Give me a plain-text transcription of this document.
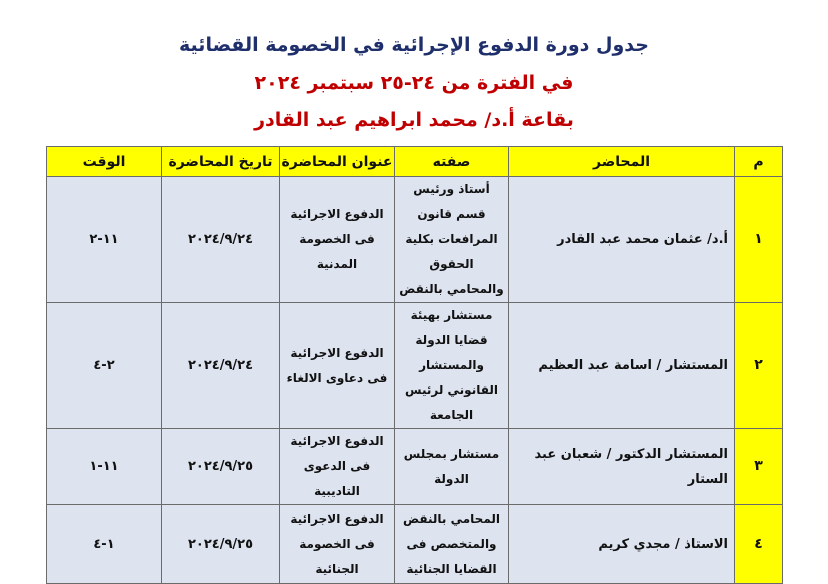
جدول دورة الدفوع الإجرائية في الخصومة القضائية
في الفترة من ٢٤-٢٥ سبتمبر ٢٠٢٤
بقاعة أ.د/ محمد ابراهيم عبد القادر
م	المحاضر	صفته	عنوان المحاضرة	تاريخ المحاضرة	الوقت
١	أ.د/ عثمان محمد عبد القادر	أستاذ ورئيس قسم قانون المرافعات بكلية الحقوق والمحامي بالنقض	الدفوع الاجرائية فى الخصومة المدنية	٢٠٢٤/٩/٢٤	١١-٢
٢	المستشار / اسامة عبد العظيم	مستشار بهيئة قضايا الدولة والمستشار القانوني لرئيس الجامعة	الدفوع الاجرائية فى دعاوى الالغاء	٢٠٢٤/٩/٢٤	٢-٤
٣	المستشار الدكتور / شعبان عبد الستار	مستشار بمجلس الدولة	الدفوع الاجرائية فى الدعوى التاديبية	٢٠٢٤/٩/٢٥	١١-١
٤	الاستاذ / مجدي كريم	المحامي بالنقض والمتخصص فى القضايا الجنائية	الدفوع الاجرائية فى الخصومة الجنائية	٢٠٢٤/٩/٢٥	١-٤
